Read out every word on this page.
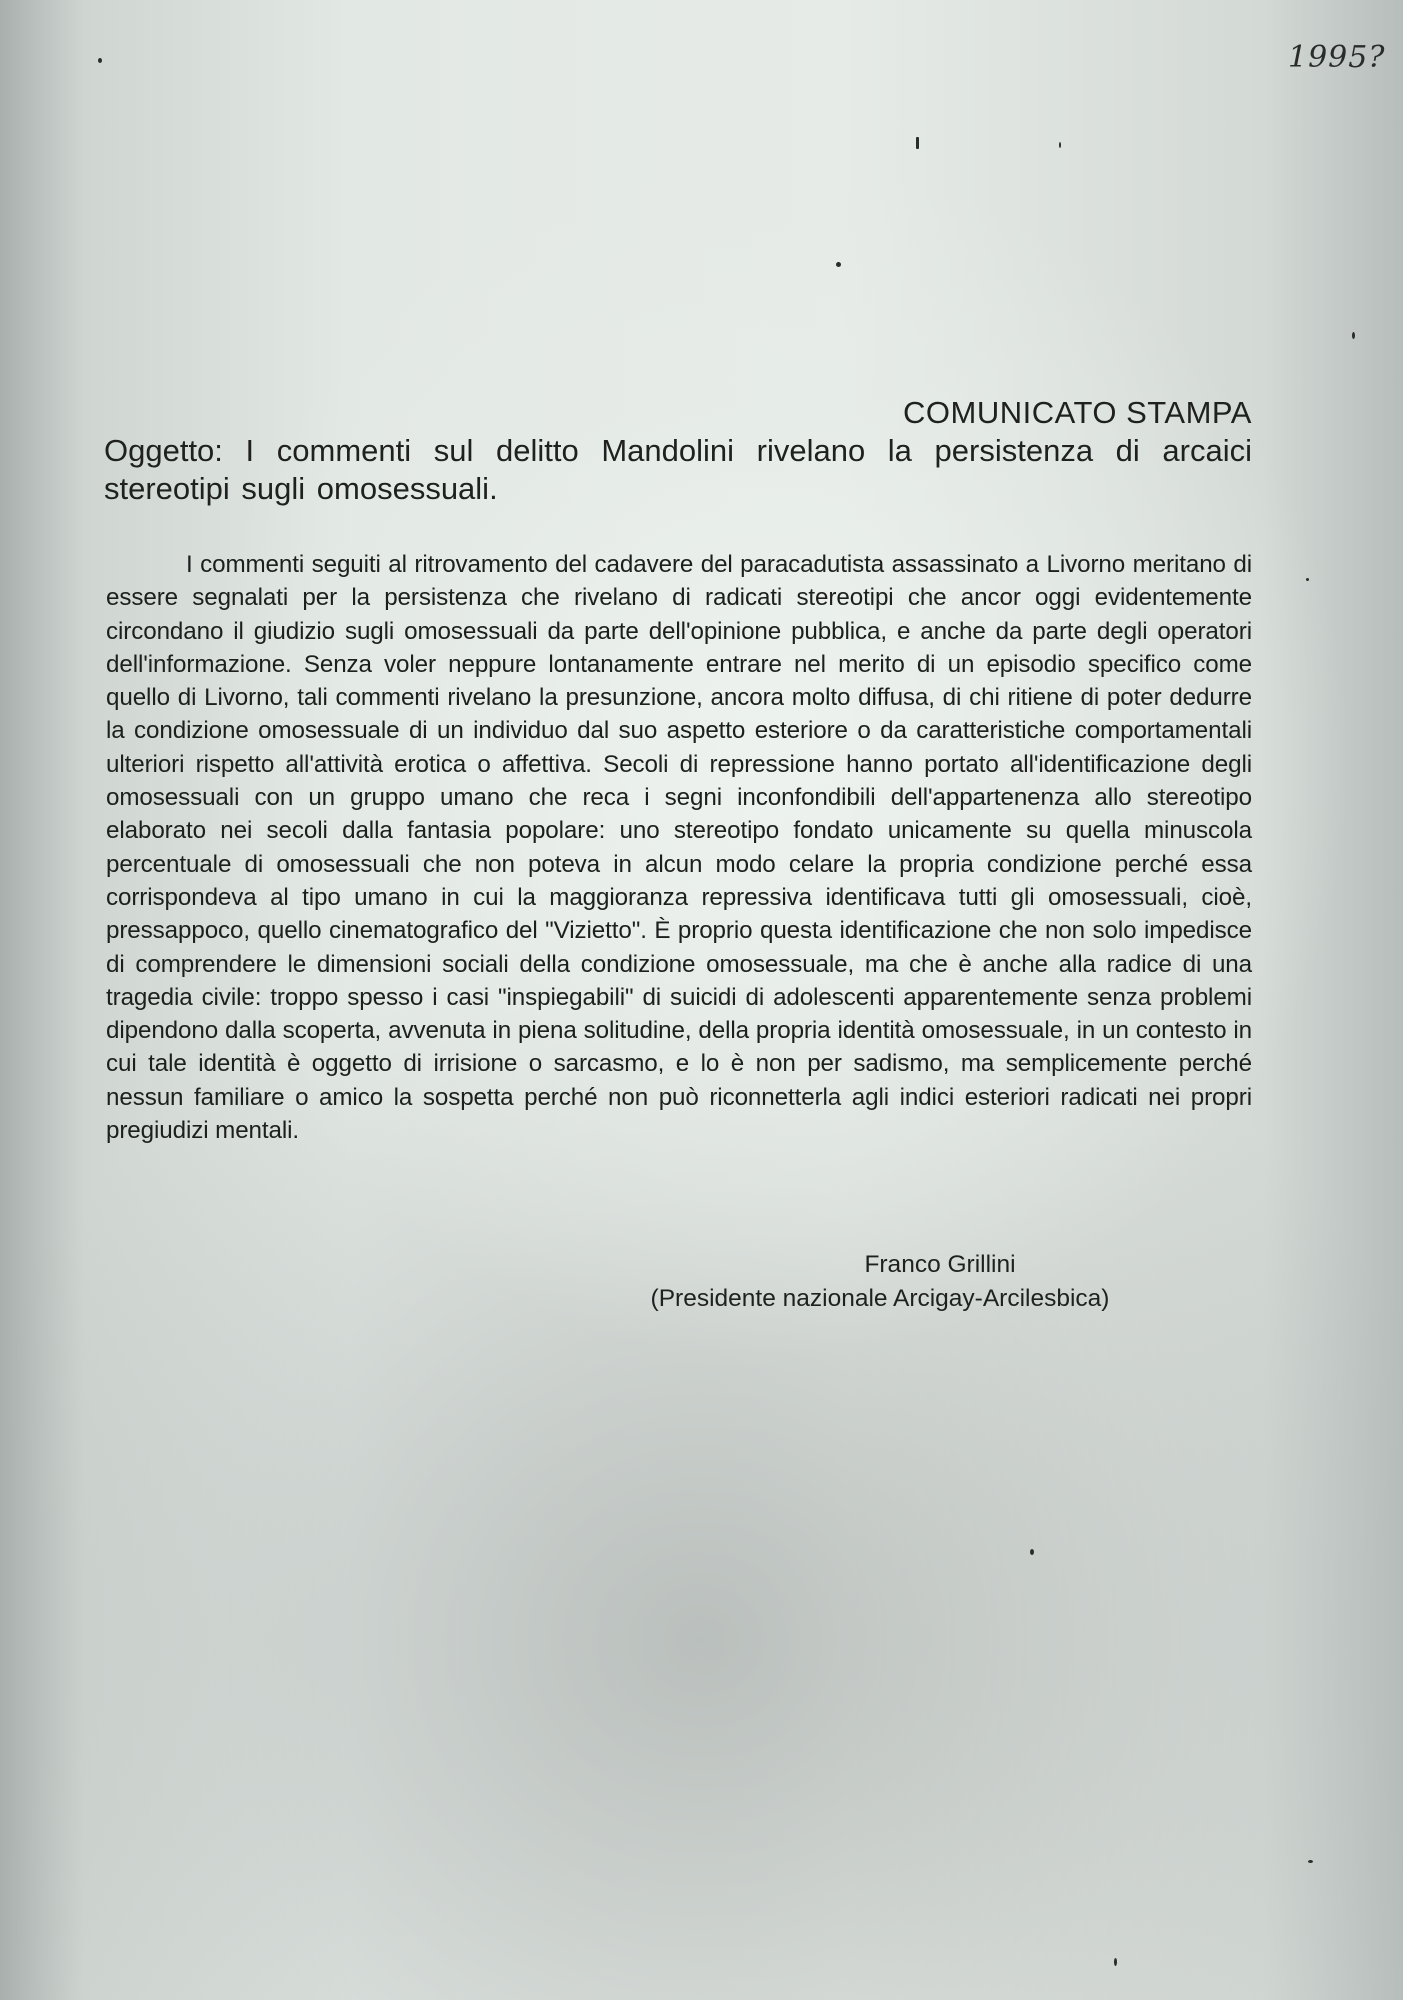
1995?
COMUNICATO STAMPA
Oggetto: I commenti sul delitto Mandolini rivelano la persistenza di arcaici stereotipi sugli omosessuali.
I commenti seguiti al ritrovamento del cadavere del paracadutista assassinato a Livorno meritano di essere segnalati per la persistenza che rivelano di radicati stereotipi che ancor oggi evidentemente circondano il giudizio sugli omosessuali da parte dell'opinione pubblica, e anche da parte degli operatori dell'informazione. Senza voler neppure lontanamente entrare nel merito di un episodio specifico come quello di Livorno, tali commenti rivelano la presunzione, ancora molto diffusa, di chi ritiene di poter dedurre la condizione omosessuale di un individuo dal suo aspetto esteriore o da caratteristiche comportamentali ulteriori rispetto all'attività erotica o affettiva. Secoli di repressione hanno portato all'identificazione degli omosessuali con un gruppo umano che reca i segni inconfondibili dell'appartenenza allo stereotipo elaborato nei secoli dalla fantasia popolare: uno stereotipo fondato unicamente su quella minuscola percentuale di omosessuali che non poteva in alcun modo celare la propria condizione perché essa corrispondeva al tipo umano in cui la maggioranza repressiva identificava tutti gli omosessuali, cioè, pressappoco, quello cinematografico del "Vizietto". È proprio questa identificazione che non solo impedisce di comprendere le dimensioni sociali della condizione omosessuale, ma che è anche alla radice di una tragedia civile: troppo spesso i casi "inspiegabili" di suicidi di adolescenti apparentemente senza problemi dipendono dalla scoperta, avvenuta in piena solitudine, della propria identità omosessuale, in un contesto in cui tale identità è oggetto di irrisione o sarcasmo, e lo è non per sadismo, ma semplicemente perché nessun familiare o amico la sospetta perché non può riconnetterla agli indici esteriori radicati nei propri pregiudizi mentali.
Franco Grillini
(Presidente nazionale Arcigay-Arcilesbica)
